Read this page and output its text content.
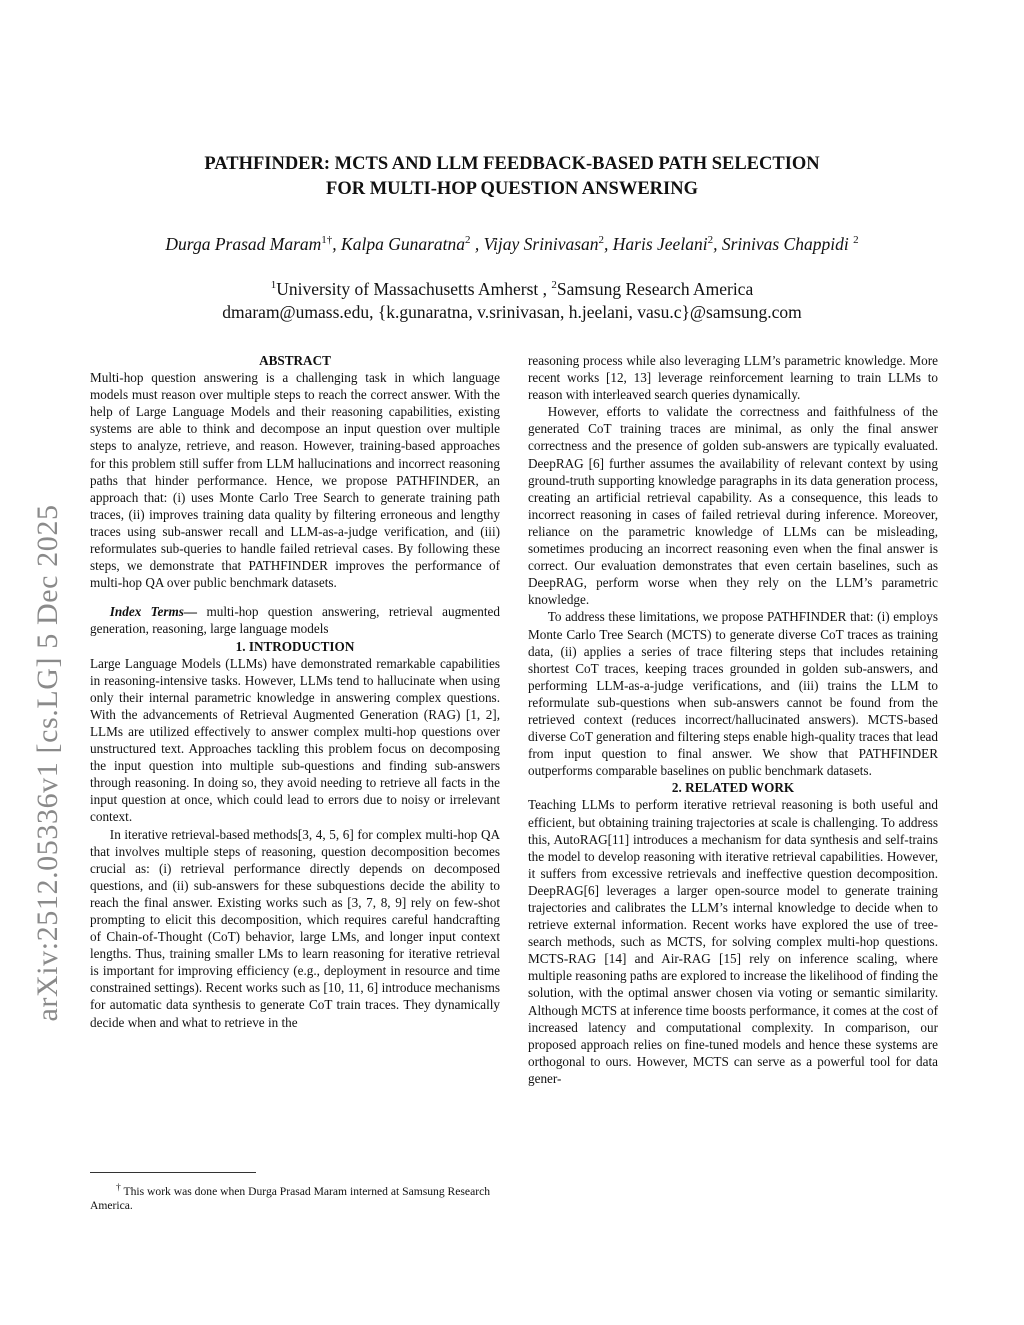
arXiv:2512.05336v1 [cs.LG] 5 Dec 2025

PATHFINDER: MCTS AND LLM FEEDBACK-BASED PATH SELECTION
FOR MULTI-HOP QUESTION ANSWERING

Durga Prasad Maram$^{1\dagger}$, Kalpa Gunaratna$^2$ , Vijay Srinivasan$^2$, Haris Jeelani$^2$, Srinivas Chappidi $^2$
$^1$University of Massachusetts Amherst , $^2$Samsung Research America
dmaram@umass.edu, {k.gunaratna, v.srinivasan, h.jeelani, vasu.c}@samsung.com

ABSTRACT

Multi-hop question answering is a challenging task in which language models must reason over multiple steps to reach the correct answer. With the help of Large Language Models and their reasoning capabilities, existing systems are able to think and decompose an input question over multiple steps to analyze, retrieve, and reason. However, training-based approaches for this problem still suffer from LLM hallucinations and incorrect reasoning paths that hinder performance. Hence, we propose PATHFINDER, an approach that: (i) uses Monte Carlo Tree Search to generate training path traces, (ii) improves training data quality by filtering erroneous and lengthy traces using sub-answer recall and LLM-as-a-judge verification, and (iii) reformulates sub-queries to handle failed retrieval cases. By following these steps, we demonstrate that PATHFINDER improves the performance of multi-hop QA over public benchmark datasets.

Index Terms— multi-hop question answering, retrieval augmented generation, reasoning, large language models

1. INTRODUCTION

Large Language Models (LLMs) have demonstrated remarkable capabilities in reasoning-intensive tasks. However, LLMs tend to hallucinate when using only their internal parametric knowledge in answering complex questions. With the advancements of Retrieval Augmented Generation (RAG) [1, 2], LLMs are utilized effectively to answer complex multi-hop questions over unstructured text. Approaches tackling this problem focus on decomposing the input question into multiple sub-questions and finding sub-answers through reasoning. In doing so, they avoid needing to retrieve all facts in the input question at once, which could lead to errors due to noisy or irrelevant context.

In iterative retrieval-based methods[3, 4, 5, 6] for complex multi-hop QA that involves multiple steps of reasoning, question decomposition becomes crucial as: (i) retrieval performance directly depends on decomposed questions, and (ii) sub-answers for these subquestions decide the ability to reach the final answer. Existing works such as [3, 7, 8, 9] rely on few-shot prompting to elicit this decomposition, which requires careful handcrafting of Chain-of-Thought (CoT) behavior, large LMs, and longer input context lengths. Thus, training smaller LMs to learn reasoning for iterative retrieval is important for improving efficiency (e.g., deployment in resource and time constrained settings). Recent works such as [10, 11, 6] introduce mechanisms for automatic data synthesis to generate CoT train traces. They dynamically decide when and what to retrieve in the

† This work was done when Durga Prasad Maram interned at Samsung Research America.

reasoning process while also leveraging LLM’s parametric knowledge. More recent works [12, 13] leverage reinforcement learning to train LLMs to reason with interleaved search queries dynamically.

However, efforts to validate the correctness and faithfulness of the generated CoT training traces are minimal, as only the final answer correctness and the presence of golden sub-answers are typically evaluated. DeepRAG [6] further assumes the availability of relevant context by using ground-truth supporting knowledge paragraphs in its data generation process, creating an artificial retrieval capability. As a consequence, this leads to incorrect reasoning in cases of failed retrieval during inference. Moreover, reliance on the parametric knowledge of LLMs can be misleading, sometimes producing an incorrect reasoning even when the final answer is correct. Our evaluation demonstrates that even certain baselines, such as DeepRAG, perform worse when they rely on the LLM’s parametric knowledge.

To address these limitations, we propose PATHFINDER that: (i) employs Monte Carlo Tree Search (MCTS) to generate diverse CoT traces as training data, (ii) applies a series of trace filtering steps that includes retaining shortest CoT traces, keeping traces grounded in golden sub-answers, and performing LLM-as-a-judge verifications, and (iii) trains the LLM to reformulate sub-questions when sub-answers cannot be found from the retrieved context (reduces incorrect/hallucinated answers). MCTS-based diverse CoT generation and filtering steps enable high-quality traces that lead from input question to final answer. We show that PATHFINDER outperforms comparable baselines on public benchmark datasets.

2. RELATED WORK

Teaching LLMs to perform iterative retrieval reasoning is both useful and efficient, but obtaining training trajectories at scale is challenging. To address this, AutoRAG[11] introduces a mechanism for data synthesis and self-trains the model to develop reasoning with iterative retrieval capabilities. However, it suffers from excessive retrievals and ineffective question decomposition. DeepRAG[6] leverages a larger open-source model to generate training trajectories and calibrates the LLM’s internal knowledge to decide when to retrieve external information. Recent works have explored the use of tree-search methods, such as MCTS, for solving complex multi-hop questions. MCTS-RAG [14] and Air-RAG [15] rely on inference scaling, where multiple reasoning paths are explored to increase the likelihood of finding the solution, with the optimal answer chosen via voting or semantic similarity. Although MCTS at inference time boosts performance, it comes at the cost of increased latency and computational complexity. In comparison, our proposed approach relies on fine-tuned models and hence these systems are orthogonal to ours. However, MCTS can serve as a powerful tool for data gener-
